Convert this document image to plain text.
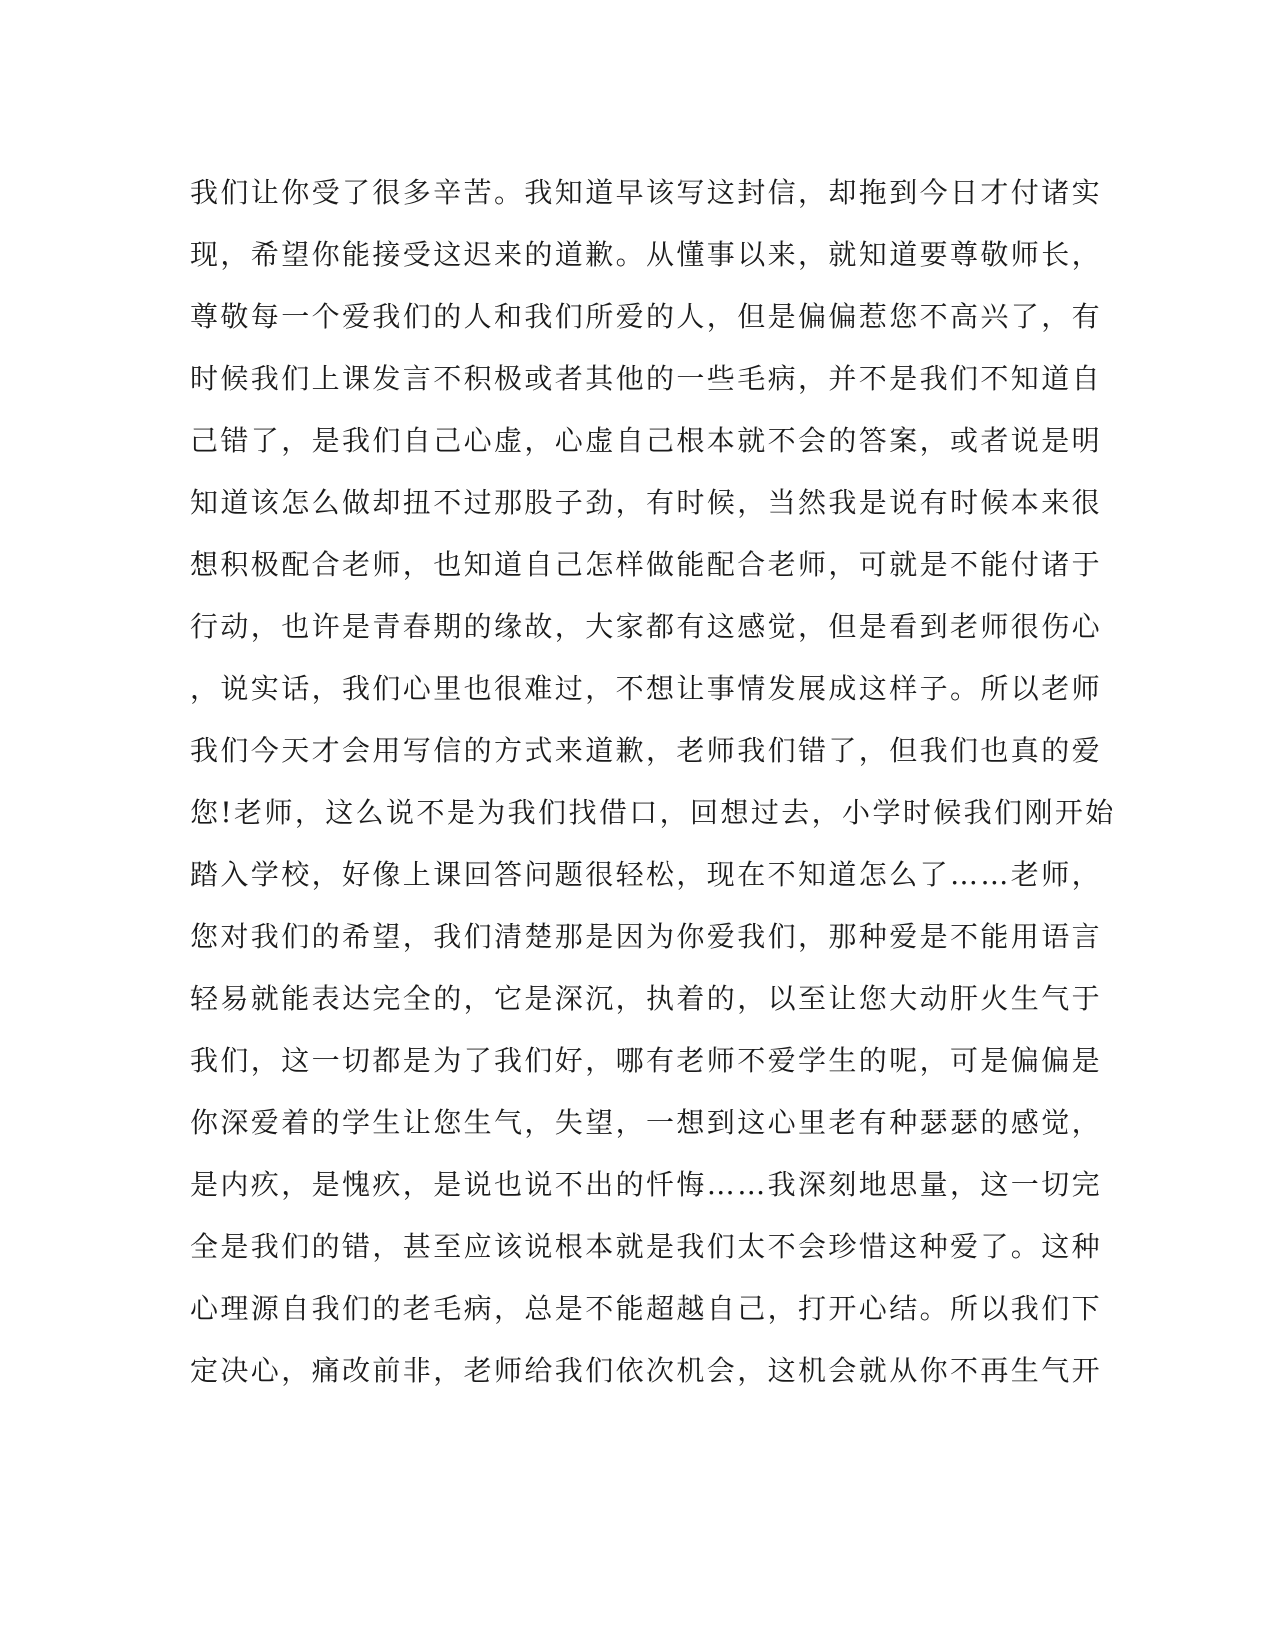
我们让你受了很多辛苦。我知道早该写这封信，却拖到今日才付诸实
现，希望你能接受这迟来的道歉。从懂事以来，就知道要尊敬师长，
尊敬每一个爱我们的人和我们所爱的人，但是偏偏惹您不高兴了，有
时候我们上课发言不积极或者其他的一些毛病，并不是我们不知道自
己错了，是我们自己心虚，心虚自己根本就不会的答案，或者说是明
知道该怎么做却扭不过那股子劲，有时候，当然我是说有时候本来很
想积极配合老师，也知道自己怎样做能配合老师，可就是不能付诸于
行动，也许是青春期的缘故，大家都有这感觉，但是看到老师很伤心
，说实话，我们心里也很难过，不想让事情发展成这样子。所以老师
我们今天才会用写信的方式来道歉，老师我们错了，但我们也真的爱
您!老师，这么说不是为我们找借口，回想过去，小学时候我们刚开始
踏入学校，好像上课回答问题很轻松，现在不知道怎么了……老师，
您对我们的希望，我们清楚那是因为你爱我们，那种爱是不能用语言
轻易就能表达完全的，它是深沉，执着的，以至让您大动肝火生气于
我们，这一切都是为了我们好，哪有老师不爱学生的呢，可是偏偏是
你深爱着的学生让您生气，失望，一想到这心里老有种瑟瑟的感觉，
是内疚，是愧疚，是说也说不出的忏悔……我深刻地思量，这一切完
全是我们的错，甚至应该说根本就是我们太不会珍惜这种爱了。这种
心理源自我们的老毛病，总是不能超越自己，打开心结。所以我们下
定决心，痛改前非，老师给我们依次机会，这机会就从你不再生气开
